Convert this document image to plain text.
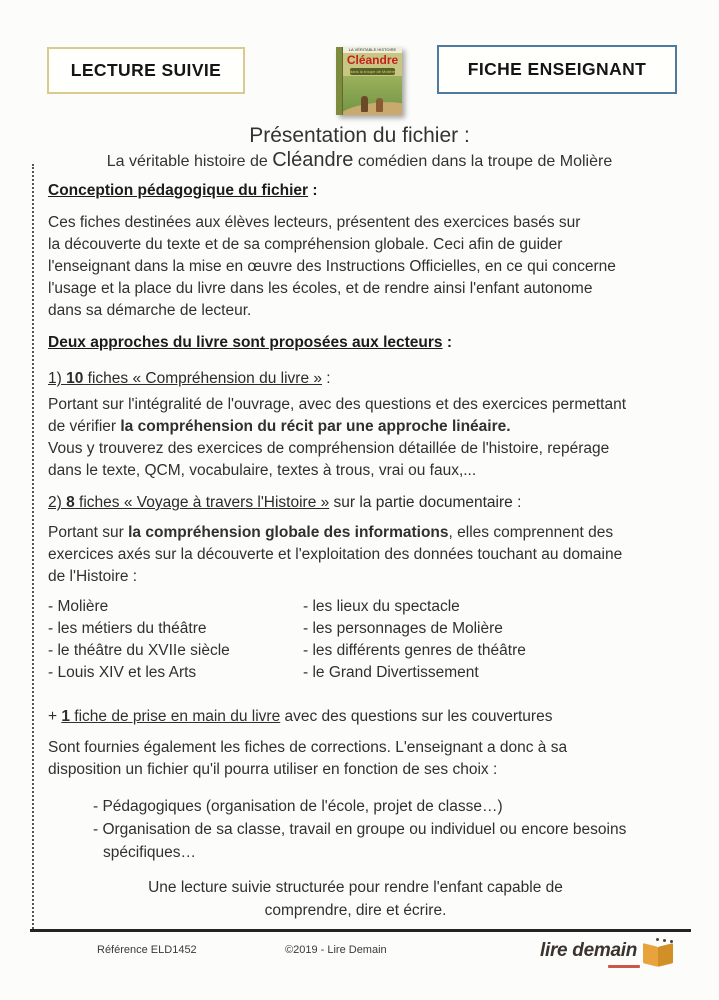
LECTURE SUIVIE
LA VÉRITABLE HISTOIRE
Cléandre
dans la troupe de Molière	FICHE ENSEIGNANT
Présentation du fichier :
La véritable histoire de Cléandre comédien dans la troupe de Molière
Conception pédagogique du fichier :
Ces fiches destinées aux élèves lecteurs, présentent des exercices basés sur
la découverte du texte et de sa compréhension globale. Ceci afin de guider
l'enseignant dans la mise en œuvre des Instructions Officielles, en ce qui concerne
l'usage et la place du livre dans les écoles, et de rendre ainsi l'enfant autonome
dans sa démarche de lecteur.
Deux approches du livre sont proposées aux lecteurs :
1) 10 fiches « Compréhension du livre » :
Portant sur l'intégralité de l'ouvrage, avec des questions et des exercices permettant
de vérifier la compréhension du récit par une approche linéaire.
Vous y trouverez des exercices de compréhension détaillée de l'histoire, repérage
dans le texte, QCM, vocabulaire, textes à trous, vrai ou faux,...
2) 8 fiches « Voyage à travers l'Histoire » sur la partie documentaire :
Portant sur la compréhension globale des informations, elles comprennent des
exercices axés sur la découverte et l'exploitation des données touchant au domaine
de l'Histoire :
- Molière
- les métiers du théâtre
- le théâtre du XVIIe siècle
- Louis XIV et les Arts
- les lieux du spectacle
- les personnages de Molière
- les différents genres de théâtre
- le Grand Divertissement
+ 1 fiche de prise en main du livre avec des questions sur les couvertures
Sont fournies également les fiches de corrections. L'enseignant a donc à sa
disposition un fichier qu'il pourra utiliser en fonction de ses choix :
- Pédagogiques (organisation de l'école, projet de classe…)
- Organisation de sa classe, travail en groupe ou individuel ou encore besoins
spécifiques…
Une lecture suivie structurée pour rendre l'enfant capable de
comprendre, dire et écrire.
Référence ELD1452	©2019 - Lire Demain	lire demain
